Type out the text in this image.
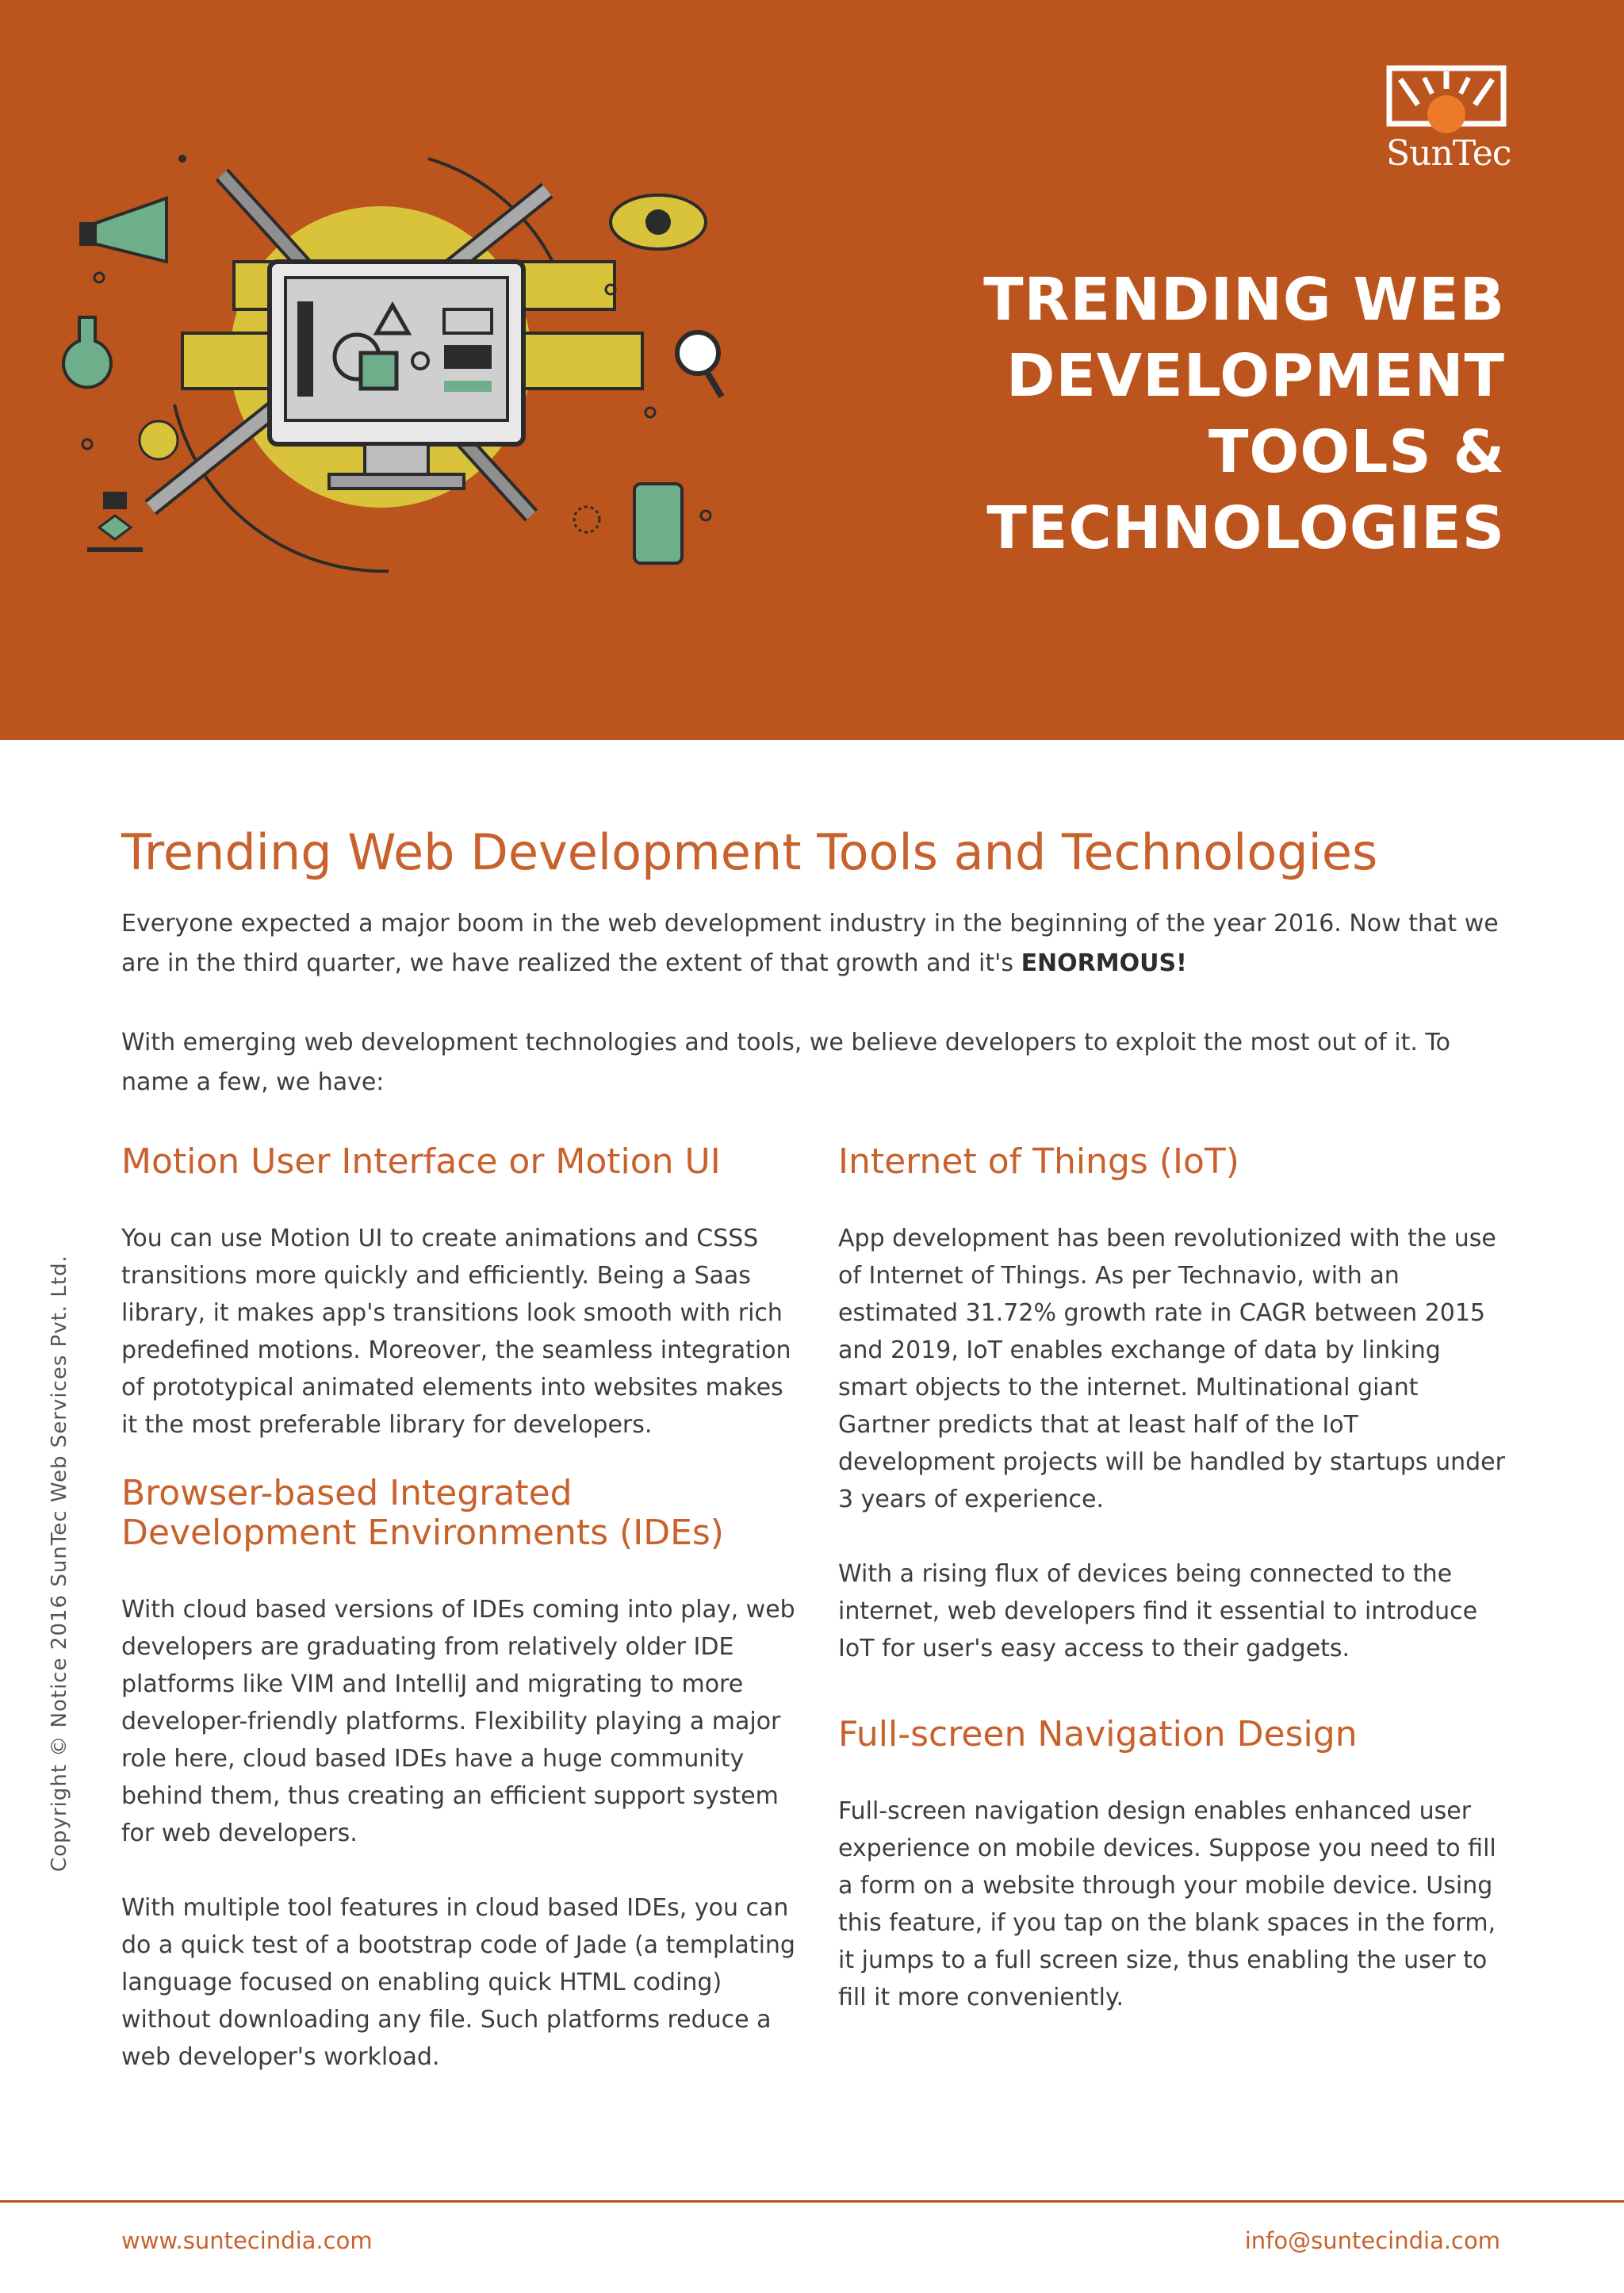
SunTec
TRENDING WEB DEVELOPMENT TOOLS & TECHNOLOGIES
Trending Web Development Tools and Technologies

Everyone expected a major boom in the web development industry in the beginning of the year 2016. Now that we are in the third quarter, we have realized the extent of that growth and it's ENORMOUS!

With emerging web development technologies and tools, we believe developers to exploit the most out of it. To name a few, we have:

Motion User Interface or Motion UI

You can use Motion UI to create animations and CSSS transitions more quickly and efficiently. Being a Saas library, it makes app's transitions look smooth with rich predefined motions. Moreover, the seamless integration of prototypical animated elements into websites makes it the most preferable library for developers.

Browser-based Integrated Development Environments (IDEs)

With cloud based versions of IDEs coming into play, web developers are graduating from relatively older IDE platforms like VIM and IntelliJ and migrating to more developer-friendly platforms. Flexibility playing a major role here, cloud based IDEs have a huge community behind them, thus creating an efficient support system for web developers.

With multiple tool features in cloud based IDEs, you can do a quick test of a bootstrap code of Jade (a templating language focused on enabling quick HTML coding) without downloading any file. Such platforms reduce a web developer's workload.

Internet of Things (IoT)

App development has been revolutionized with the use of Internet of Things. As per Technavio, with an estimated 31.72% growth rate in CAGR between 2015 and 2019, IoT enables exchange of data by linking smart objects to the internet. Multinational giant Gartner predicts that at least half of the IoT development projects will be handled by startups under 3 years of experience.

With a rising flux of devices being connected to the internet, web developers find it essential to introduce IoT for user's easy access to their gadgets.

Full-screen Navigation Design

Full-screen navigation design enables enhanced user experience on mobile devices. Suppose you need to fill a form on a website through your mobile device. Using this feature, if you tap on the blank spaces in the form, it jumps to a full screen size, thus enabling the user to fill it more conveniently.

Copyright © Notice 2016 SunTec Web Services Pvt. Ltd.
www.suntecindia.com	info@suntecindia.com
